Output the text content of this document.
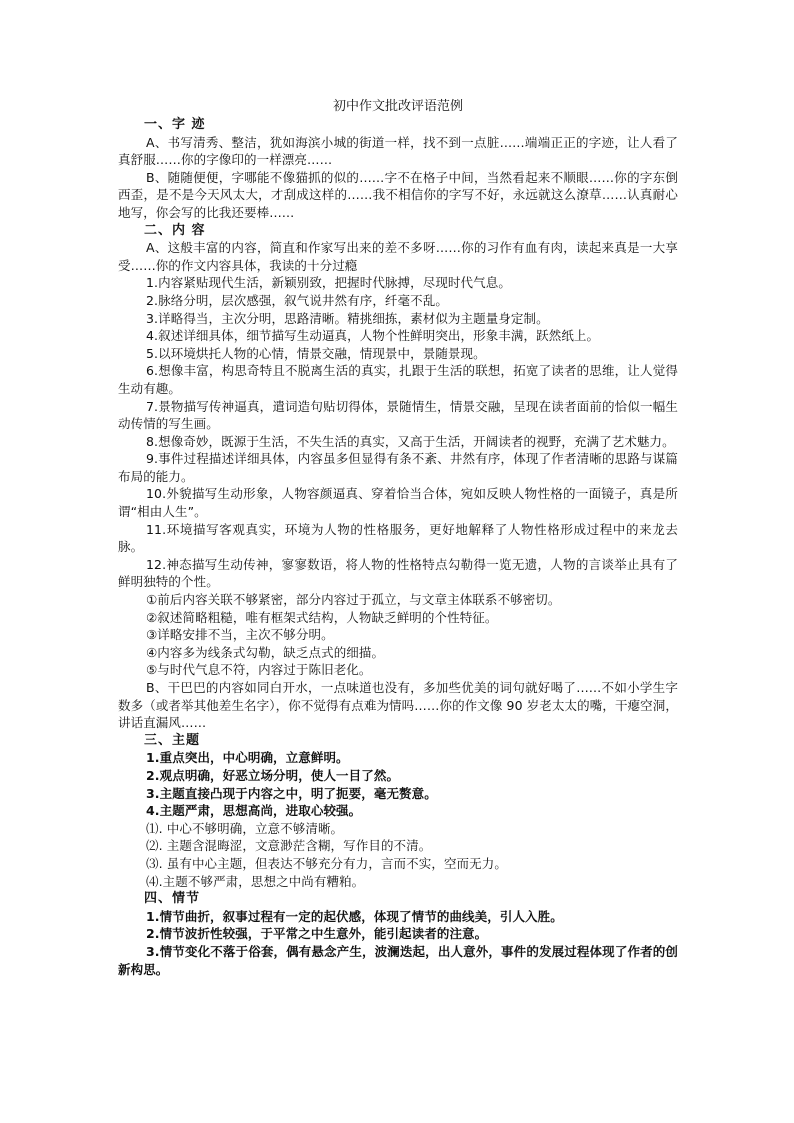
初中作文批改评语范例
一、字 迹

A、书写清秀、整洁，犹如海滨小城的街道一样，找不到一点脏……端端正正的字迹，让人看了真舒服……你的字像印的一样漂亮……

B、随随便便，字哪能不像猫抓的似的……字不在格子中间，当然看起来不顺眼……你的字东倒西歪，是不是今天风太大，才刮成这样的……我不相信你的字写不好，永远就这么潦草……认真耐心地写，你会写的比我还要棒……

二、内 容

A、这般丰富的内容，简直和作家写出来的差不多呀……你的习作有血有肉，读起来真是一大享受……你的作文内容具体，我读的十分过瘾

1.内容紧贴现代生活，新颖别致，把握时代脉搏，尽现时代气息。

2.脉络分明，层次感强，叙气说井然有序，纤毫不乱。

3.详略得当，主次分明，思路清晰。精挑细拣，素材似为主题量身定制。

4.叙述详细具体，细节描写生动逼真，人物个性鲜明突出，形象丰满，跃然纸上。

5.以环境烘托人物的心情，情景交融，情现景中，景随景现。

6.想像丰富，构思奇特且不脱离生活的真实，扎跟于生活的联想，拓宽了读者的思维，让人觉得生动有趣。

7.景物描写传神逼真，遣词造句贴切得体，景随情生，情景交融，呈现在读者面前的恰似一幅生动传情的写生画。

8.想像奇妙，既源于生活，不失生活的真实，又高于生活，开阔读者的视野，充满了艺术魅力。

9.事件过程描述详细具体，内容虽多但显得有条不紊、井然有序，体现了作者清晰的思路与谋篇布局的能力。

10.外貌描写生动形象，人物容颜逼真、穿着恰当合体，宛如反映人物性格的一面镜子，真是所谓“相由人生”。

11.环境描写客观真实，环境为人物的性格服务，更好地解释了人物性格形成过程中的来龙去脉。

12.神态描写生动传神，寥寥数语，将人物的性格特点勾勒得一览无遗，人物的言谈举止具有了鲜明独特的个性。

①前后内容关联不够紧密，部分内容过于孤立，与文章主体联系不够密切。

②叙述简略粗糙，唯有框架式结构，人物缺乏鲜明的个性特征。

③详略安排不当，主次不够分明。

④内容多为线条式勾勒，缺乏点式的细描。

⑤与时代气息不符，内容过于陈旧老化。

B、干巴巴的内容如同白开水，一点味道也没有，多加些优美的词句就好喝了……不如小学生字数多（或者举其他差生名字），你不觉得有点难为情吗……你的作文像 90 岁老太太的嘴，干瘪空洞，讲话直漏风……

三、主题

1.重点突出，中心明确，立意鲜明。

2.观点明确，好恶立场分明，使人一目了然。

3.主题直接凸现于内容之中，明了扼要，毫无赘意。

4.主题严肃，思想高尚，进取心较强。

⑴. 中心不够明确，立意不够清晰。

⑵. 主题含混晦涩，文意渺茫含糊，写作目的不清。

⑶. 虽有中心主题，但表达不够充分有力，言而不实，空而无力。

⑷.主题不够严肃，思想之中尚有糟粕。

四、情节

1.情节曲折，叙事过程有一定的起伏感，体现了情节的曲线美，引人入胜。

2.情节波折性较强，于平常之中生意外，能引起读者的注意。

3.情节变化不落于俗套，偶有悬念产生，波澜迭起，出人意外，事件的发展过程体现了作者的创新构思。
